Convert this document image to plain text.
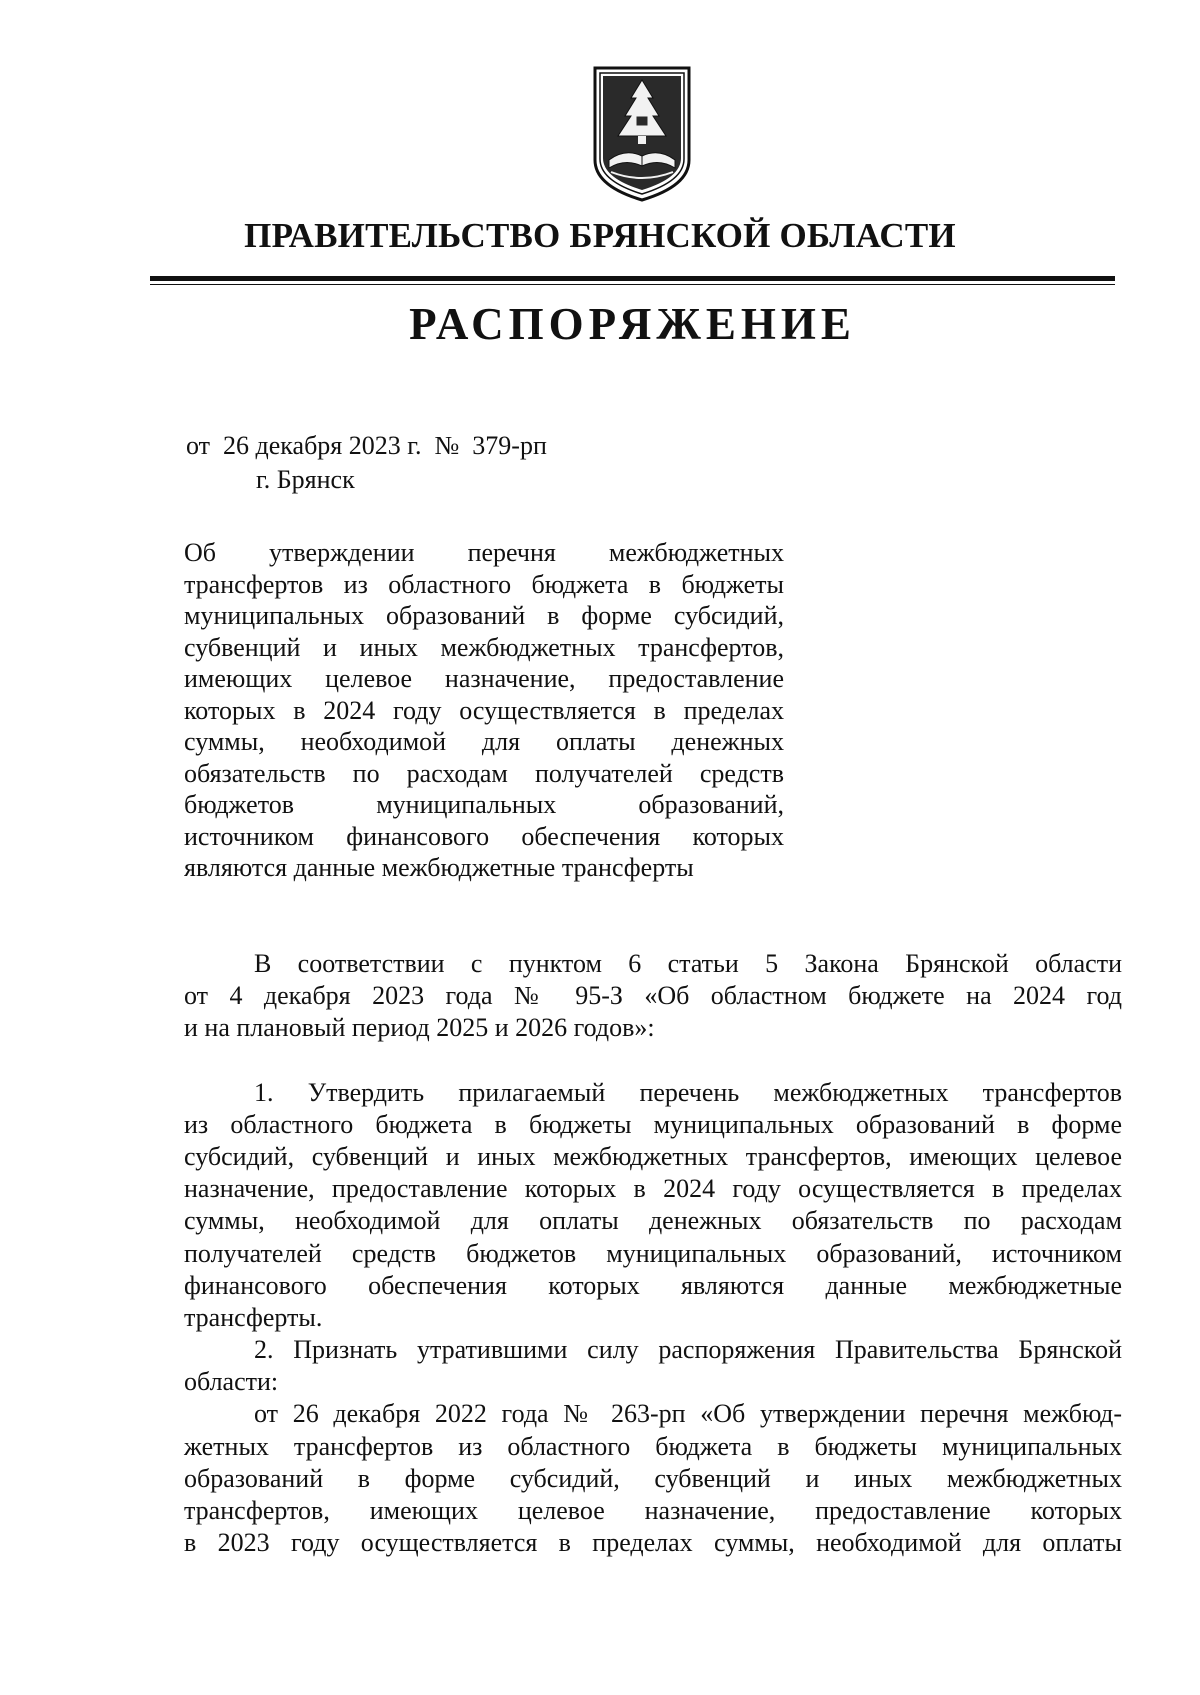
ПРАВИТЕЛЬСТВО БРЯНСКОЙ ОБЛАСТИ
РАСПОРЯЖЕНИЕ
от  26 декабря 2023 г.  №  379-рп
г. Брянск
Об утверждении перечня межбюджетных
трансфертов из областного бюджета в бюджеты
муниципальных образований в форме субсидий,
субвенций и иных межбюджетных трансфертов,
имеющих целевое назначение, предоставление
которых в 2024 году осуществляется в пределах
суммы, необходимой для оплаты денежных
обязательств по расходам получателей средств
бюджетов муниципальных образований,
источником финансового обеспечения которых
являются данные межбюджетные трансферты
В соответствии с пунктом 6 статьи 5 Закона Брянской области
от 4 декабря 2023 года № 95-З «Об областном бюджете на 2024 год
и на плановый период 2025 и 2026 годов»:
1. Утвердить прилагаемый перечень межбюджетных трансфертов
из областного бюджета в бюджеты муниципальных образований в форме
субсидий, субвенций и иных межбюджетных трансфертов, имеющих целевое
назначение, предоставление которых в 2024 году осуществляется в пределах
суммы, необходимой для оплаты денежных обязательств по расходам
получателей средств бюджетов муниципальных образований, источником
финансового обеспечения которых являются данные межбюджетные
трансферты.
2. Признать утратившими силу распоряжения Правительства Брянской
области:
от 26 декабря 2022 года № 263-рп «Об утверждении перечня межбюд-
жетных трансфертов из областного бюджета в бюджеты муниципальных
образований в форме субсидий, субвенций и иных межбюджетных
трансфертов, имеющих целевое назначение, предоставление которых
в 2023 году осуществляется в пределах суммы, необходимой для оплаты
